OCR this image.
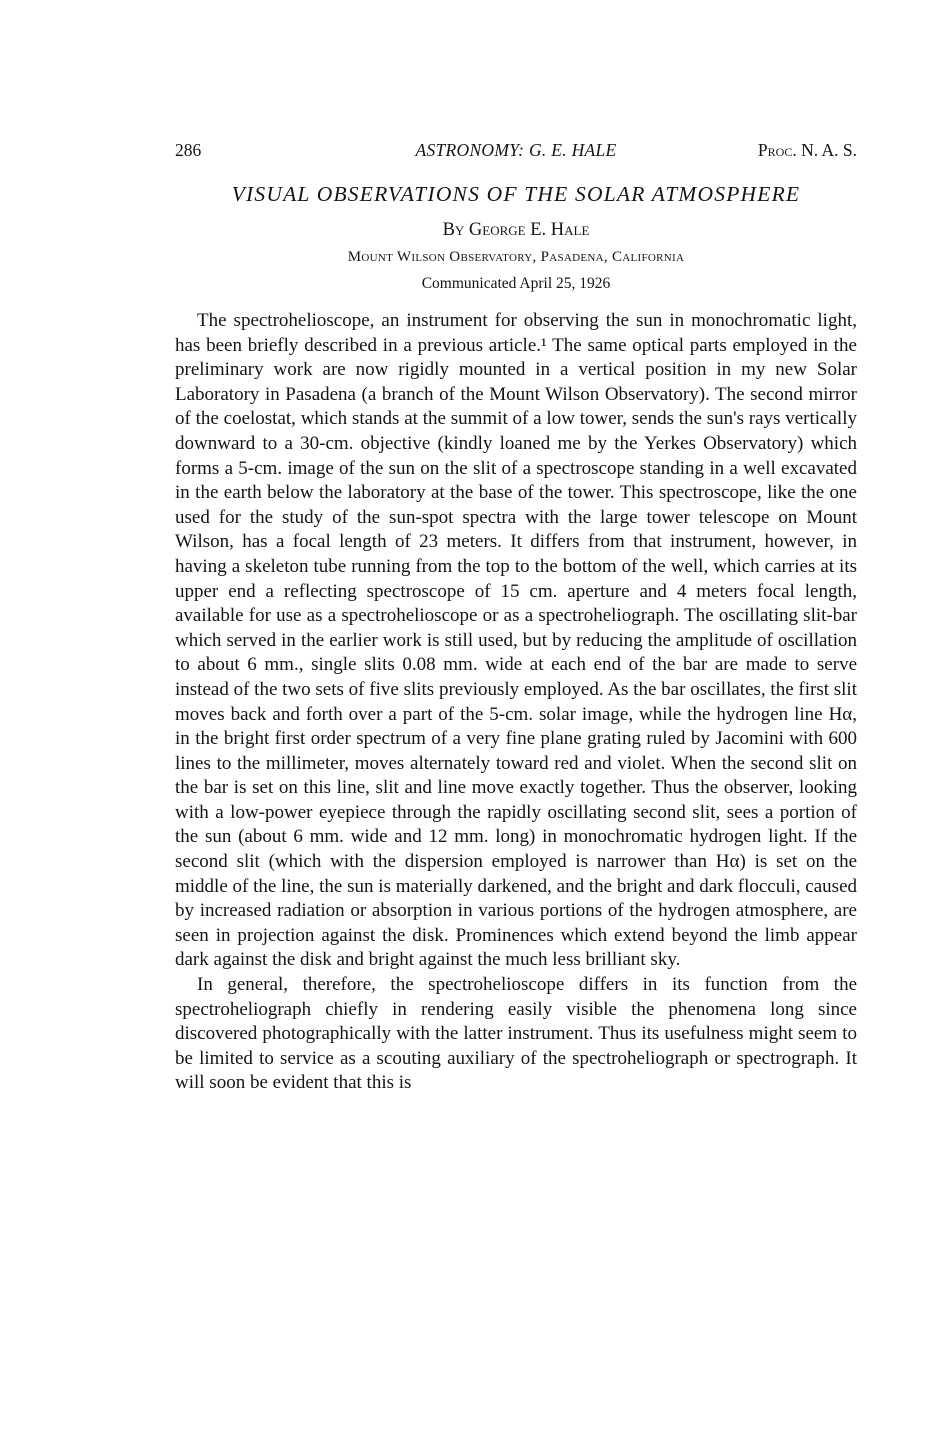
286	ASTRONOMY: G. E. HALE	Proc. N. A. S.
VISUAL OBSERVATIONS OF THE SOLAR ATMOSPHERE
By George E. Hale
Mount Wilson Observatory, Pasadena, California
Communicated April 25, 1926

The spectrohelioscope, an instrument for observing the sun in monochromatic light, has been briefly described in a previous article.¹ The same optical parts employed in the preliminary work are now rigidly mounted in a vertical position in my new Solar Laboratory in Pasadena (a branch of the Mount Wilson Observatory). The second mirror of the coelostat, which stands at the summit of a low tower, sends the sun's rays vertically downward to a 30-cm. objective (kindly loaned me by the Yerkes Observatory) which forms a 5-cm. image of the sun on the slit of a spectroscope standing in a well excavated in the earth below the laboratory at the base of the tower. This spectroscope, like the one used for the study of the sun-spot spectra with the large tower telescope on Mount Wilson, has a focal length of 23 meters. It differs from that instrument, however, in having a skeleton tube running from the top to the bottom of the well, which carries at its upper end a reflecting spectroscope of 15 cm. aperture and 4 meters focal length, available for use as a spectrohelioscope or as a spectroheliograph. The oscillating slit-bar which served in the earlier work is still used, but by reducing the amplitude of oscillation to about 6 mm., single slits 0.08 mm. wide at each end of the bar are made to serve instead of the two sets of five slits previously employed. As the bar oscillates, the first slit moves back and forth over a part of the 5-cm. solar image, while the hydrogen line Hα, in the bright first order spectrum of a very fine plane grating ruled by Jacomini with 600 lines to the millimeter, moves alternately toward red and violet. When the second slit on the bar is set on this line, slit and line move exactly together. Thus the observer, looking with a low-power eyepiece through the rapidly oscillating second slit, sees a portion of the sun (about 6 mm. wide and 12 mm. long) in monochromatic hydrogen light. If the second slit (which with the dispersion employed is narrower than Hα) is set on the middle of the line, the sun is materially darkened, and the bright and dark flocculi, caused by increased radiation or absorption in various portions of the hydrogen atmosphere, are seen in projection against the disk. Prominences which extend beyond the limb appear dark against the disk and bright against the much less brilliant sky.

In general, therefore, the spectrohelioscope differs in its function from the spectroheliograph chiefly in rendering easily visible the phenomena long since discovered photographically with the latter instrument. Thus its usefulness might seem to be limited to service as a scouting auxiliary of the spectroheliograph or spectrograph. It will soon be evident that this is
